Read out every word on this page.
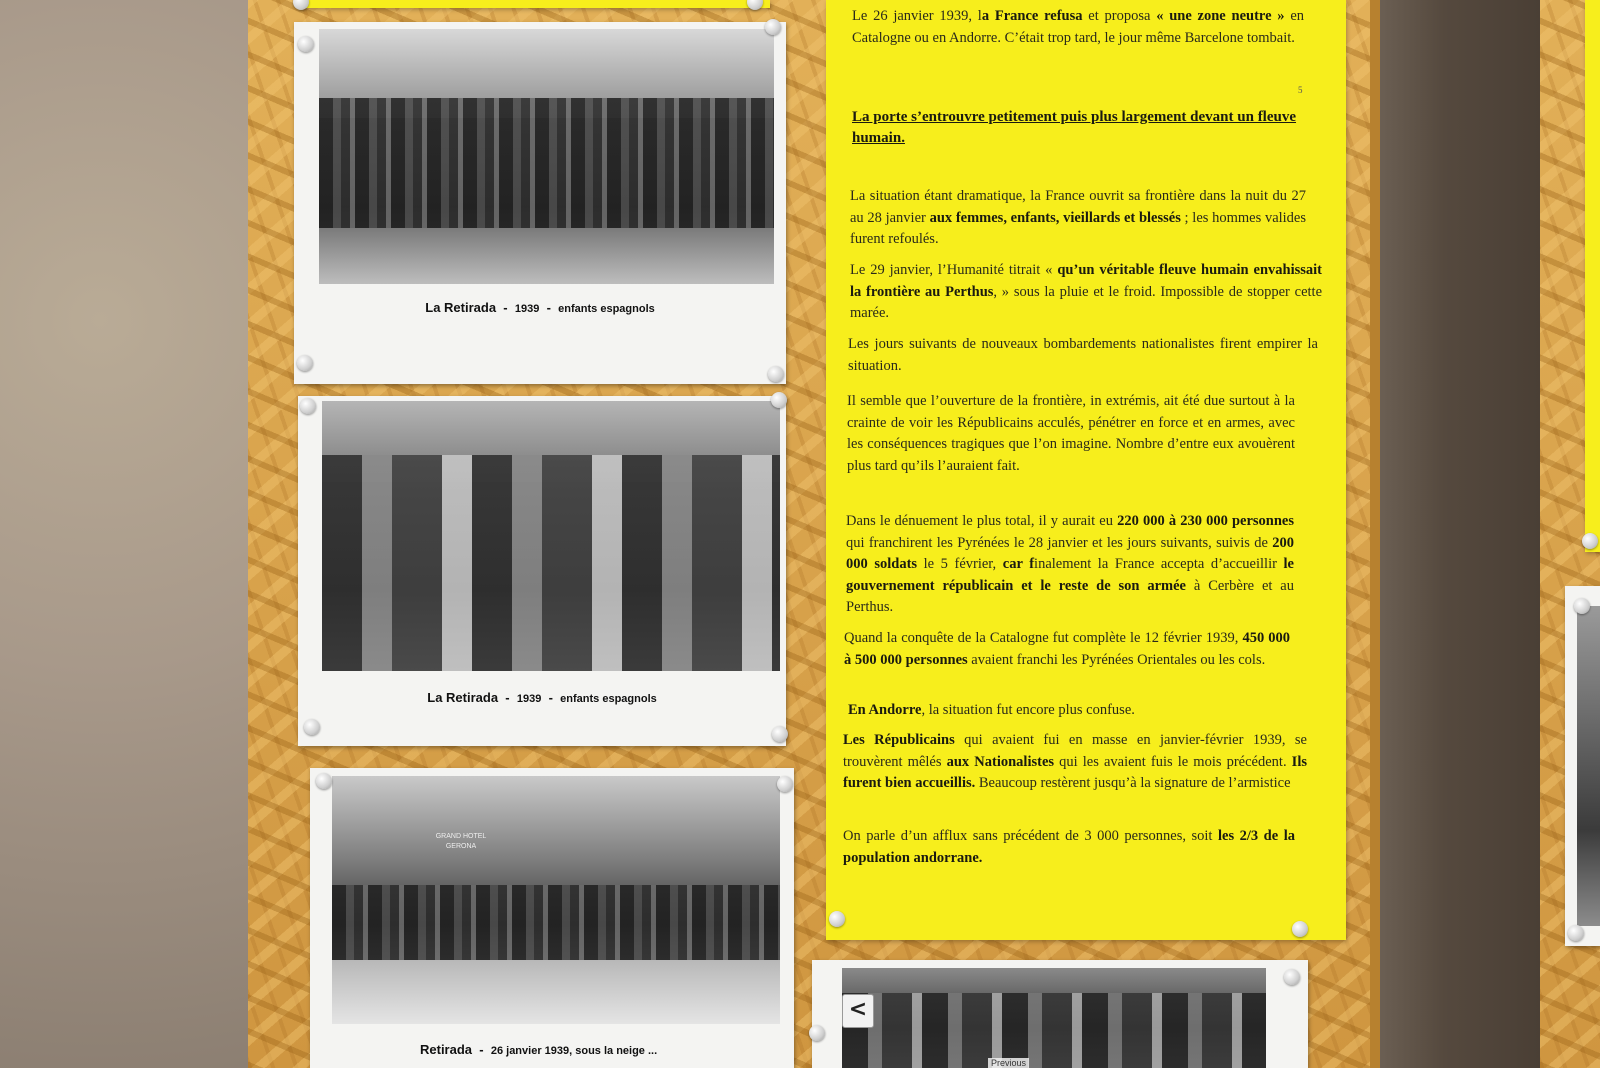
La Retirada - 1939 - enfants espagnols
La Retirada - 1939 - enfants espagnols
GRAND HOTEL
GERONA
Retirada - 26 janvier 1939, sous la neige ...
Le 26 janvier 1939, la France refusa et proposa « une zone neutre » en Catalogne ou en Andorre. C’était trop tard, le jour même Barcelone tombait.
5
La porte s’entrouvre petitement puis plus largement devant un fleuve humain.
La situation étant dramatique, la France ouvrit sa frontière dans la nuit du 27 au 28 janvier aux femmes, enfants, vieillards et blessés ; les hommes valides furent refoulés.
Le 29 janvier, l’Humanité titrait « qu’un véritable fleuve humain envahissait la frontière au Perthus, » sous la pluie et le froid. Impossible de stopper cette marée.
Les jours suivants de nouveaux bombardements nationalistes firent empirer la situation.
Il semble que l’ouverture de la frontière, in extrémis, ait été due surtout à la crainte de voir les Républicains acculés, pénétrer en force et en armes, avec les conséquences tragiques que l’on imagine. Nombre d’entre eux avouèrent plus tard qu’ils l’auraient fait.
Dans le dénuement le plus total, il y aurait eu 220 000 à 230 000 personnes qui franchirent les Pyrénées le 28 janvier et les jours suivants, suivis de 200 000 soldats le 5 février, car finalement la France accepta d’accueillir le gouvernement républicain et le reste de son armée à Cerbère et au Perthus.
Quand la conquête de la Catalogne fut complète le 12 février 1939, 450 000 à 500 000 personnes avaient franchi les Pyrénées Orientales ou les cols.
En Andorre, la situation fut encore plus confuse.
Les Républicains qui avaient fui en masse en janvier-février 1939, se trouvèrent mêlés aux Nationalistes qui les avaient fuis le mois précédent. Ils furent bien accueillis. Beaucoup restèrent jusqu’à la signature de l’armistice
On parle d’un afflux sans précédent de 3 000 personnes, soit les 2/3 de la population andorrane.
<
Previous
